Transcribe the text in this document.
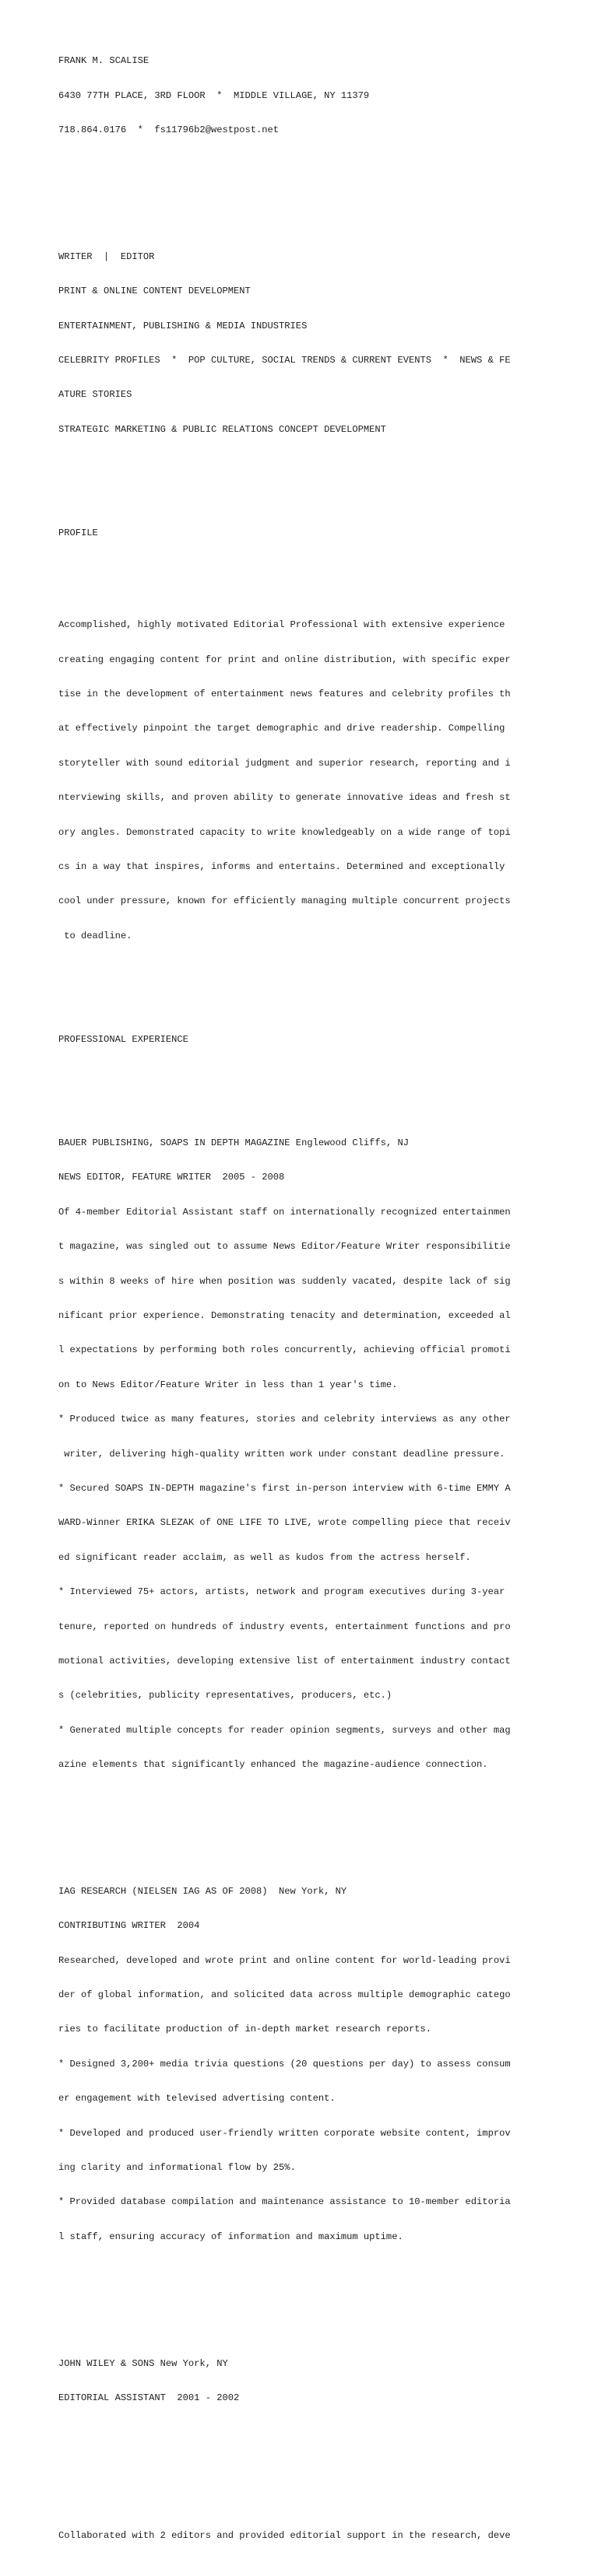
FRANK M. SCALISE

6430 77TH PLACE, 3RD FLOOR  *  MIDDLE VILLAGE, NY 11379

718.864.0176  *  fs11796b2@westpost.net

WRITER  |  EDITOR

PRINT & ONLINE CONTENT DEVELOPMENT

ENTERTAINMENT, PUBLISHING & MEDIA INDUSTRIES

CELEBRITY PROFILES  *  POP CULTURE, SOCIAL TRENDS & CURRENT EVENTS  *  NEWS & FE

ATURE STORIES

STRATEGIC MARKETING & PUBLIC RELATIONS CONCEPT DEVELOPMENT

PROFILE

Accomplished, highly motivated Editorial Professional with extensive experience

creating engaging content for print and online distribution, with specific exper

tise in the development of entertainment news features and celebrity profiles th

at effectively pinpoint the target demographic and drive readership. Compelling

storyteller with sound editorial judgment and superior research, reporting and i

nterviewing skills, and proven ability to generate innovative ideas and fresh st

ory angles. Demonstrated capacity to write knowledgeably on a wide range of topi

cs in a way that inspires, informs and entertains. Determined and exceptionally

cool under pressure, known for efficiently managing multiple concurrent projects

to deadline.

PROFESSIONAL EXPERIENCE

BAUER PUBLISHING, SOAPS IN DEPTH MAGAZINE Englewood Cliffs, NJ

NEWS EDITOR, FEATURE WRITER  2005 - 2008

Of 4-member Editorial Assistant staff on internationally recognized entertainmen

t magazine, was singled out to assume News Editor/Feature Writer responsibilitie

s within 8 weeks of hire when position was suddenly vacated, despite lack of sig

nificant prior experience. Demonstrating tenacity and determination, exceeded al

l expectations by performing both roles concurrently, achieving official promoti

on to News Editor/Feature Writer in less than 1 year's time.

* Produced twice as many features, stories and celebrity interviews as any other

writer, delivering high-quality written work under constant deadline pressure.

* Secured SOAPS IN-DEPTH magazine's first in-person interview with 6-time EMMY A

WARD-Winner ERIKA SLEZAK of ONE LIFE TO LIVE, wrote compelling piece that receiv

ed significant reader acclaim, as well as kudos from the actress herself.

* Interviewed 75+ actors, artists, network and program executives during 3-year

tenure, reported on hundreds of industry events, entertainment functions and pro

motional activities, developing extensive list of entertainment industry contact

s (celebrities, publicity representatives, producers, etc.)

* Generated multiple concepts for reader opinion segments, surveys and other mag

azine elements that significantly enhanced the magazine-audience connection.

IAG RESEARCH (NIELSEN IAG AS OF 2008)  New York, NY

CONTRIBUTING WRITER  2004

Researched, developed and wrote print and online content for world-leading provi

der of global information, and solicited data across multiple demographic catego

ries to facilitate production of in-depth market research reports.

* Designed 3,200+ media trivia questions (20 questions per day) to assess consum

er engagement with televised advertising content.

* Developed and produced user-friendly written corporate website content, improv

ing clarity and informational flow by 25%.

* Provided database compilation and maintenance assistance to 10-member editoria

l staff, ensuring accuracy of information and maximum uptime.

JOHN WILEY & SONS New York, NY

EDITORIAL ASSISTANT  2001 - 2002

Collaborated with 2 editors and provided editorial support in the research, deve
